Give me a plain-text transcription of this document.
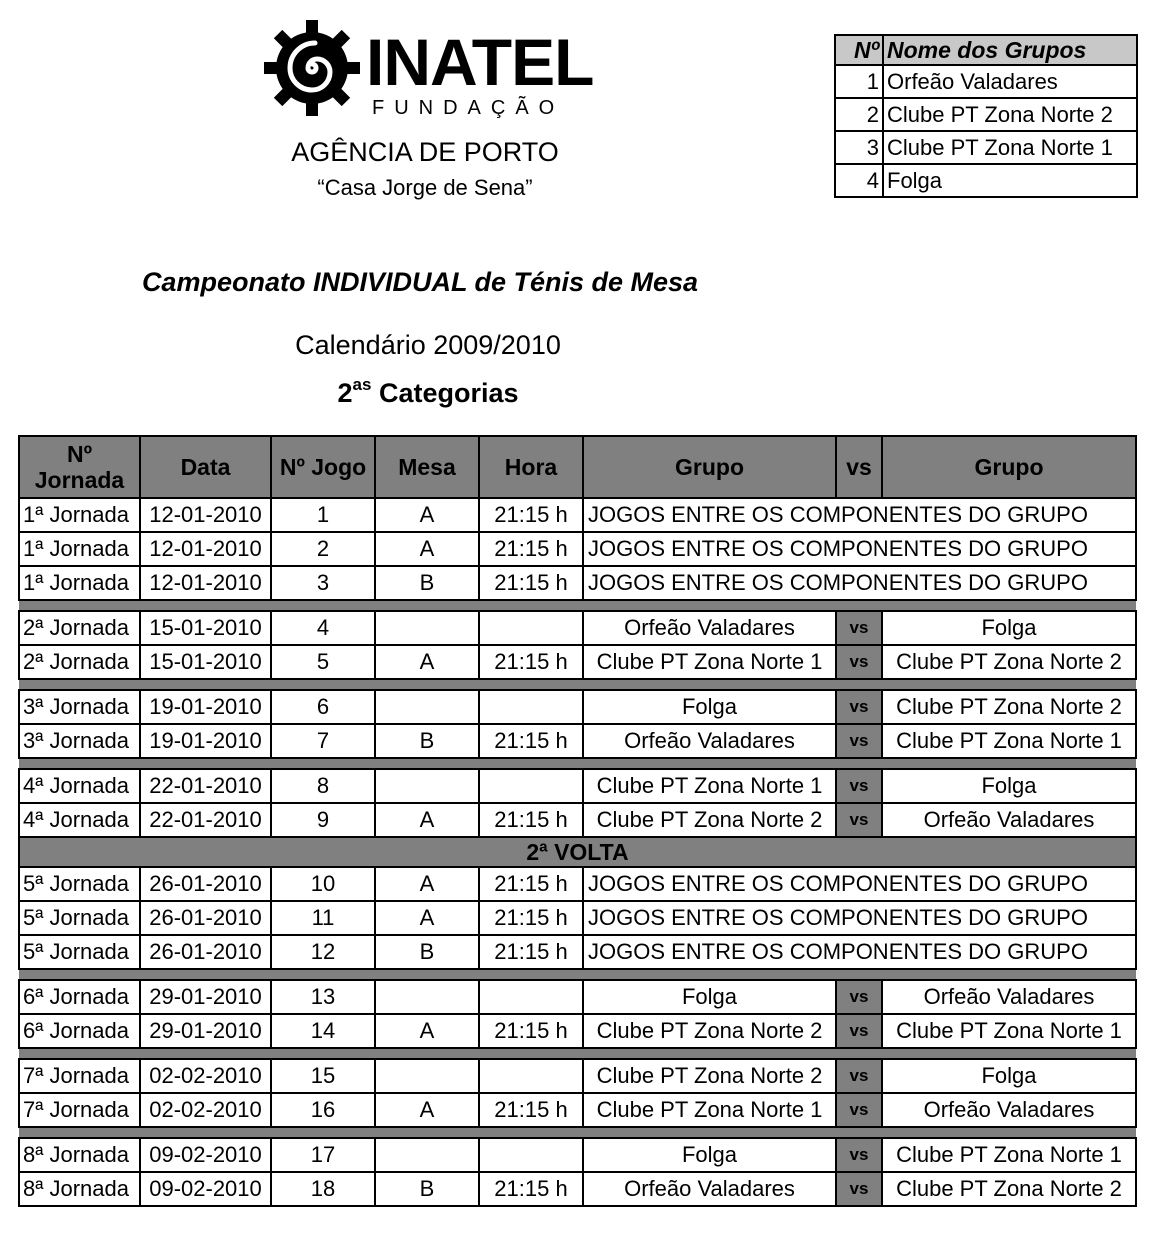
INATEL
FUNDAÇÃO
AGÊNCIA DE PORTO
“Casa Jorge de Sena”
Nº	Nome dos Grupos
1	Orfeão Valadares
2	Clube PT Zona Norte 2
3	Clube PT Zona Norte 1
4	Folga
Campeonato INDIVIDUAL de Ténis de Mesa
Calendário 2009/2010
$2^{as}$ Categorias
Nº
Jornada	Data	Nº Jogo	Mesa	Hora	Grupo	vs	Grupo
1ª Jornada	12-01-2010	1	A	21:15 h	JOGOS ENTRE OS COMPONENTES DO GRUPO		
1ª Jornada	12-01-2010	2	A	21:15 h	JOGOS ENTRE OS COMPONENTES DO GRUPO		
1ª Jornada	12-01-2010	3	B	21:15 h	JOGOS ENTRE OS COMPONENTES DO GRUPO		

2ª Jornada	15-01-2010	4			Orfeão Valadares	vs	Folga
2ª Jornada	15-01-2010	5	A	21:15 h	Clube PT Zona Norte 1	vs	Clube PT Zona Norte 2

3ª Jornada	19-01-2010	6			Folga	vs	Clube PT Zona Norte 2
3ª Jornada	19-01-2010	7	B	21:15 h	Orfeão Valadares	vs	Clube PT Zona Norte 1

4ª Jornada	22-01-2010	8			Clube PT Zona Norte 1	vs	Folga
4ª Jornada	22-01-2010	9	A	21:15 h	Clube PT Zona Norte 2	vs	Orfeão Valadares
2ª VOLTA							
5ª Jornada	26-01-2010	10	A	21:15 h	JOGOS ENTRE OS COMPONENTES DO GRUPO		
5ª Jornada	26-01-2010	11	A	21:15 h	JOGOS ENTRE OS COMPONENTES DO GRUPO		
5ª Jornada	26-01-2010	12	B	21:15 h	JOGOS ENTRE OS COMPONENTES DO GRUPO		

6ª Jornada	29-01-2010	13			Folga	vs	Orfeão Valadares
6ª Jornada	29-01-2010	14	A	21:15 h	Clube PT Zona Norte 2	vs	Clube PT Zona Norte 1

7ª Jornada	02-02-2010	15			Clube PT Zona Norte 2	vs	Folga
7ª Jornada	02-02-2010	16	A	21:15 h	Clube PT Zona Norte 1	vs	Orfeão Valadares

8ª Jornada	09-02-2010	17			Folga	vs	Clube PT Zona Norte 1
8ª Jornada	09-02-2010	18	B	21:15 h	Orfeão Valadares	vs	Clube PT Zona Norte 2
